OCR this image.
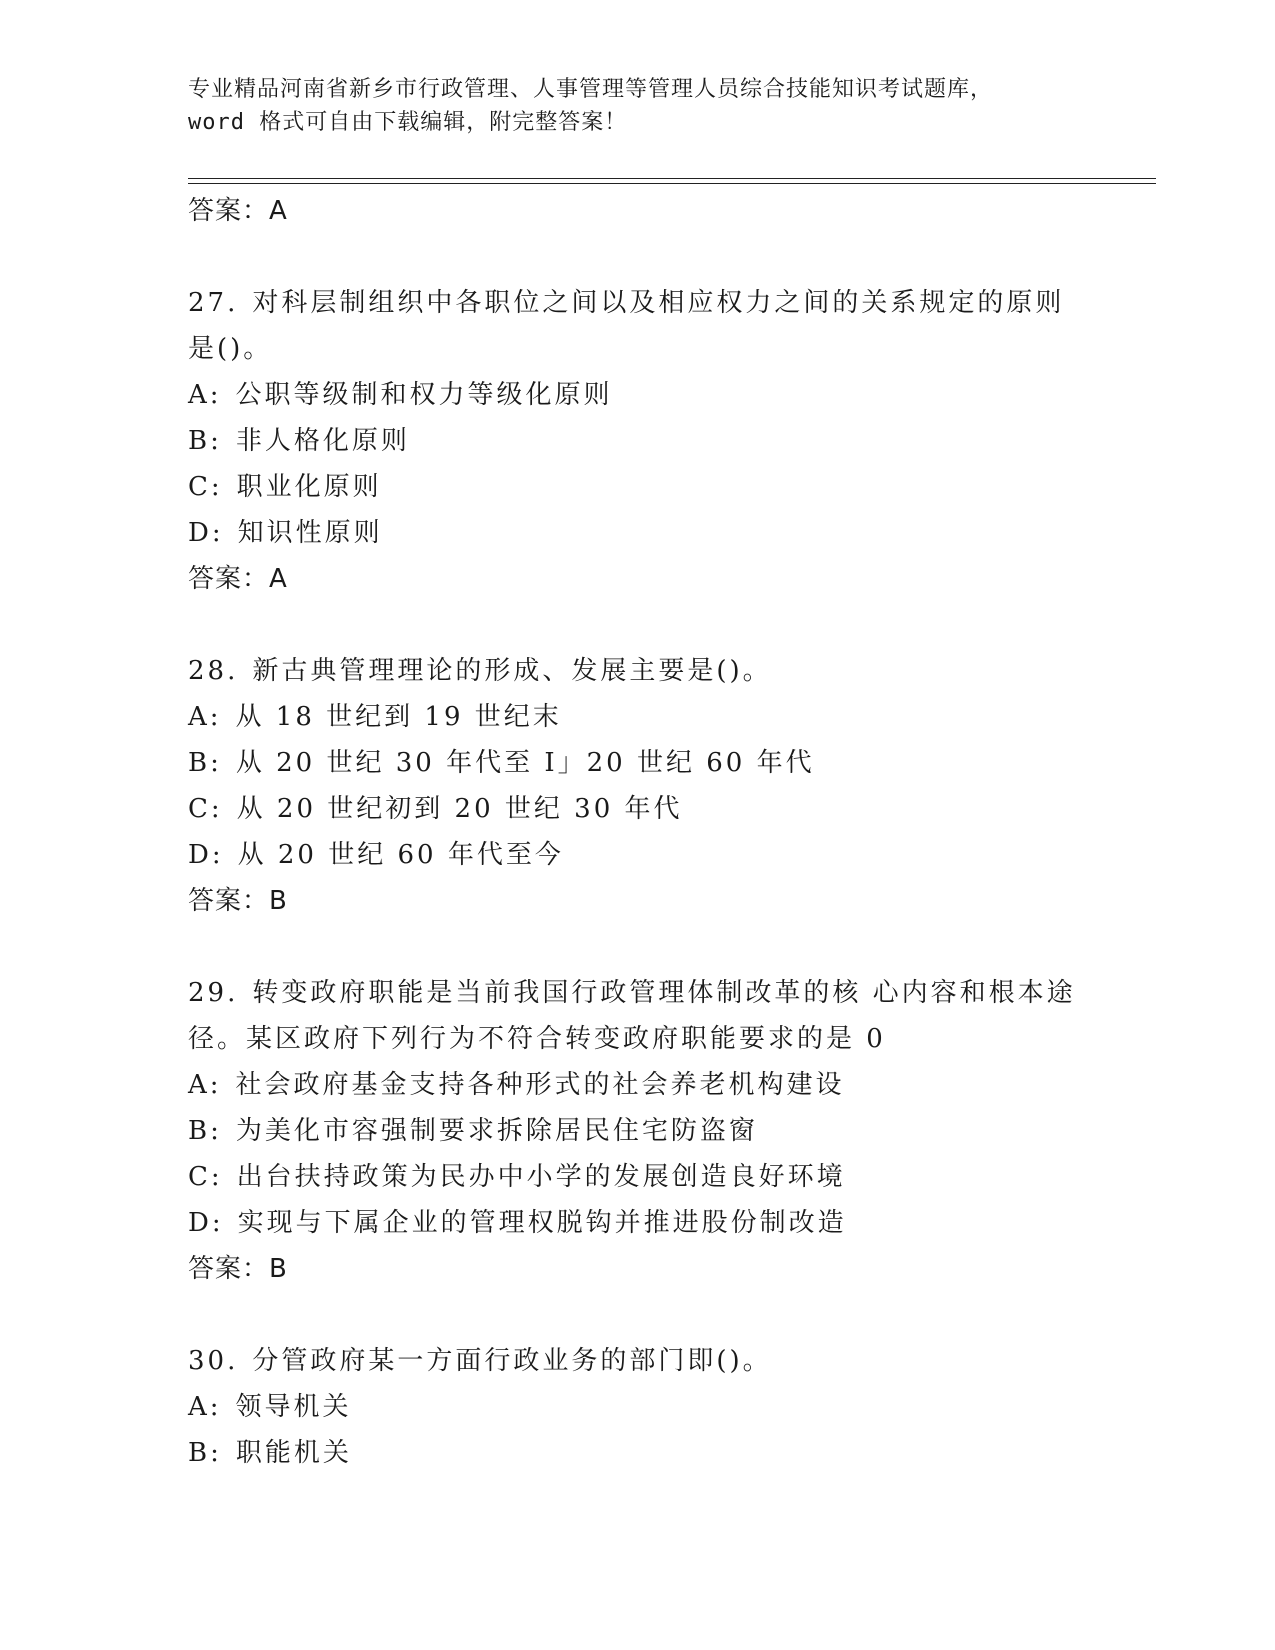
专业精品河南省新乡市行政管理、人事管理等管理人员综合技能知识考试题库，
word 格式可自由下载编辑，附完整答案！
答案：A
27. 对科层制组织中各职位之间以及相应权力之间的关系规定的原则
是()。
A: 公职等级制和权力等级化原则
B: 非人格化原则
C: 职业化原则
D: 知识性原则
答案：A
28. 新古典管理理论的形成、发展主要是()。
A: 从 18 世纪到 19 世纪末
B: 从 20 世纪 30 年代至 I」20 世纪 60 年代
C: 从 20 世纪初到 20 世纪 30 年代
D: 从 20 世纪 60 年代至今
答案：B
29. 转变政府职能是当前我国行政管理体制改革的核 心内容和根本途
径。某区政府下列行为不符合转变政府职能要求的是 0
A: 社会政府基金支持各种形式的社会养老机构建设
B: 为美化市容强制要求拆除居民住宅防盗窗
C: 出台扶持政策为民办中小学的发展创造良好环境
D: 实现与下属企业的管理权脱钩并推进股份制改造
答案：B
30. 分管政府某一方面行政业务的部门即()。
A: 领导机关
B: 职能机关
